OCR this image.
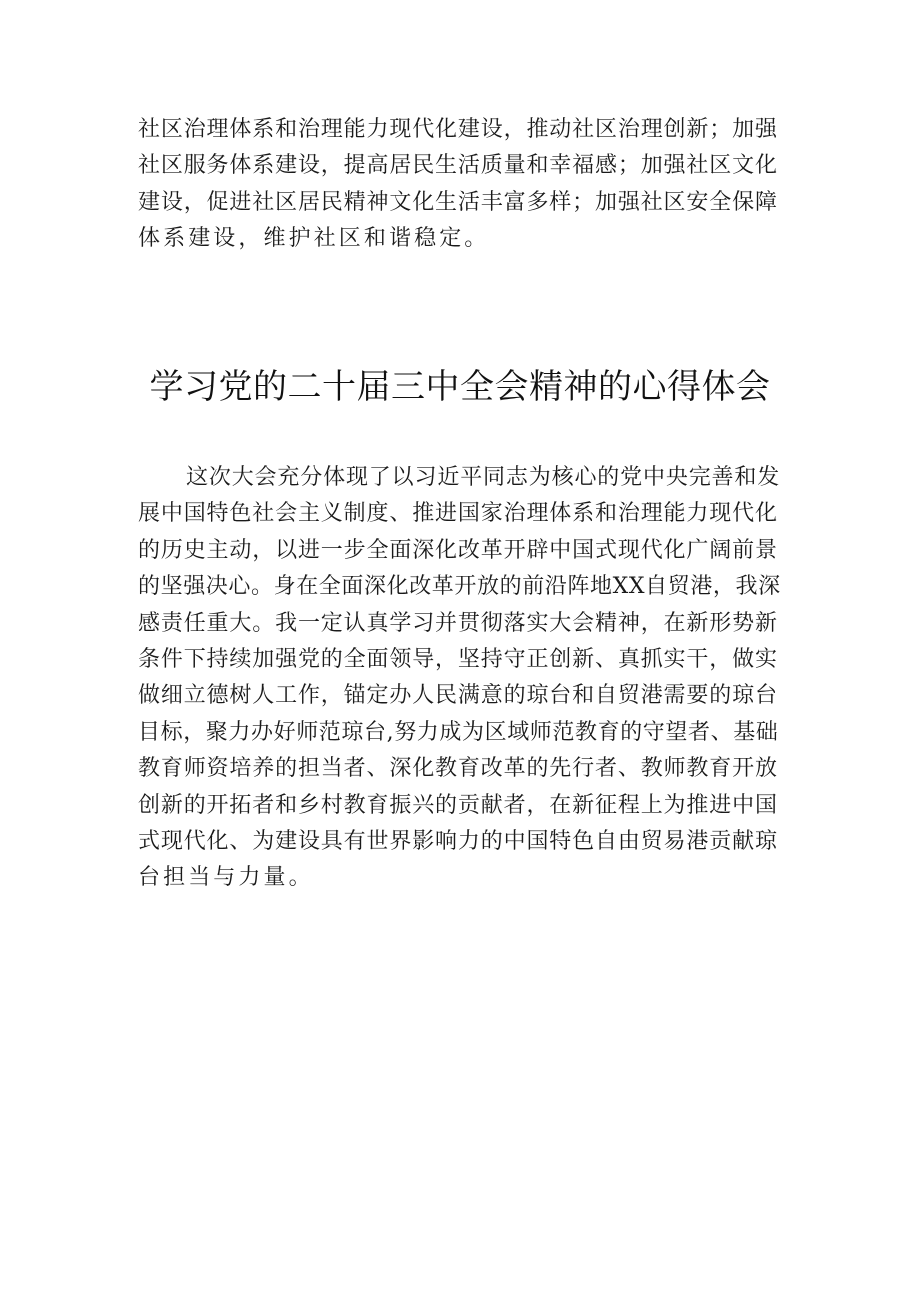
社区治理体系和治理能力现代化建设，推动社区治理创新；加强
社区服务体系建设，提高居民生活质量和幸福感；加强社区文化
建设，促进社区居民精神文化生活丰富多样；加强社区安全保障
体系建设，维护社区和谐稳定。
学习党的二十届三中全会精神的心得体会
这次大会充分体现了以习近平同志为核心的党中央完善和发
展中国特色社会主义制度、推进国家治理体系和治理能力现代化
的历史主动，以进一步全面深化改革开辟中国式现代化广阔前景
的坚强决心。身在全面深化改革开放的前沿阵地XX自贸港，我深
感责任重大。我一定认真学习并贯彻落实大会精神，在新形势新
条件下持续加强党的全面领导，坚持守正创新、真抓实干，做实
做细立德树人工作，锚定办人民满意的琼台和自贸港需要的琼台
目标，聚力办好师范琼台,努力成为区域师范教育的守望者、基础
教育师资培养的担当者、深化教育改革的先行者、教师教育开放
创新的开拓者和乡村教育振兴的贡献者，在新征程上为推进中国
式现代化、为建设具有世界影响力的中国特色自由贸易港贡献琼
台担当与力量。
